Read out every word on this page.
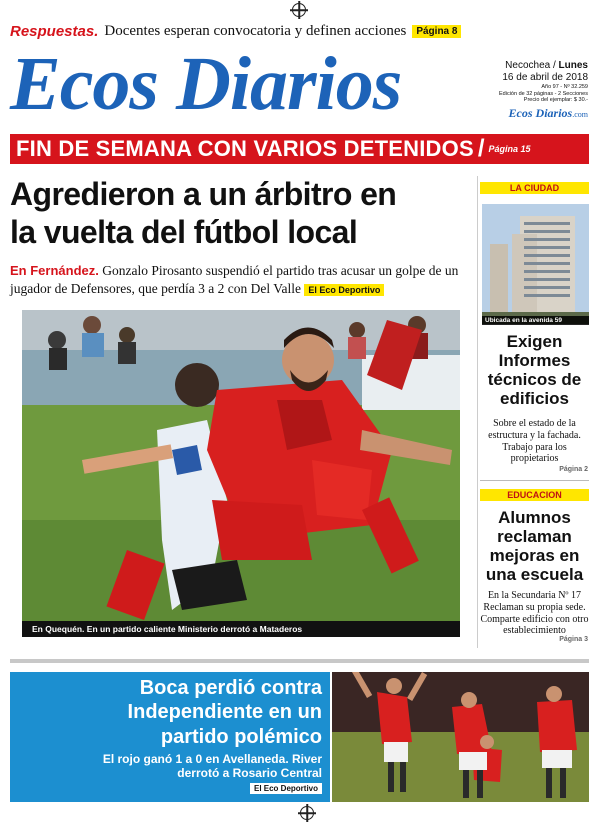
Respuestas. Docentes esperan convocatoria y definen acciones	Página 8
Ecos Diarios	Necochea / Lunes
16 de abril de 2018
Año 97 - Nº 32.259
Edición de 32 páginas - 2 Secciones
Precio del ejemplar: $ 30.-
Ecos Diarios.com
FIN DE SEMANA CON VARIOS DETENIDOS / Página 15
Agredieron a un árbitro en
la vuelta del fútbol local
En Fernández. Gonzalo Pirosanto suspendió el partido tras acusar un golpe de un jugador de Defensores, que perdía 3 a 2 con Del Valle El Eco Deportivo
En Quequén. En un partido caliente Ministerio derrotó a Mataderos
LA CIUDAD
Ubicada en la avenida 59
Exigen Informes técnicos de edificios
Sobre el estado de la estructura y la fachada. Trabajo para los propietarios
Página 2
EDUCACION
Alumnos reclaman mejoras en una escuela
En la Secundaria Nº 17 Reclaman su propia sede. Comparte edificio con otro establecimiento
Página 3
Boca perdió contra
Independiente en un
partido polémico
El rojo ganó 1 a 0 en Avellaneda. River
derrotó a Rosario Central
El Eco Deportivo
